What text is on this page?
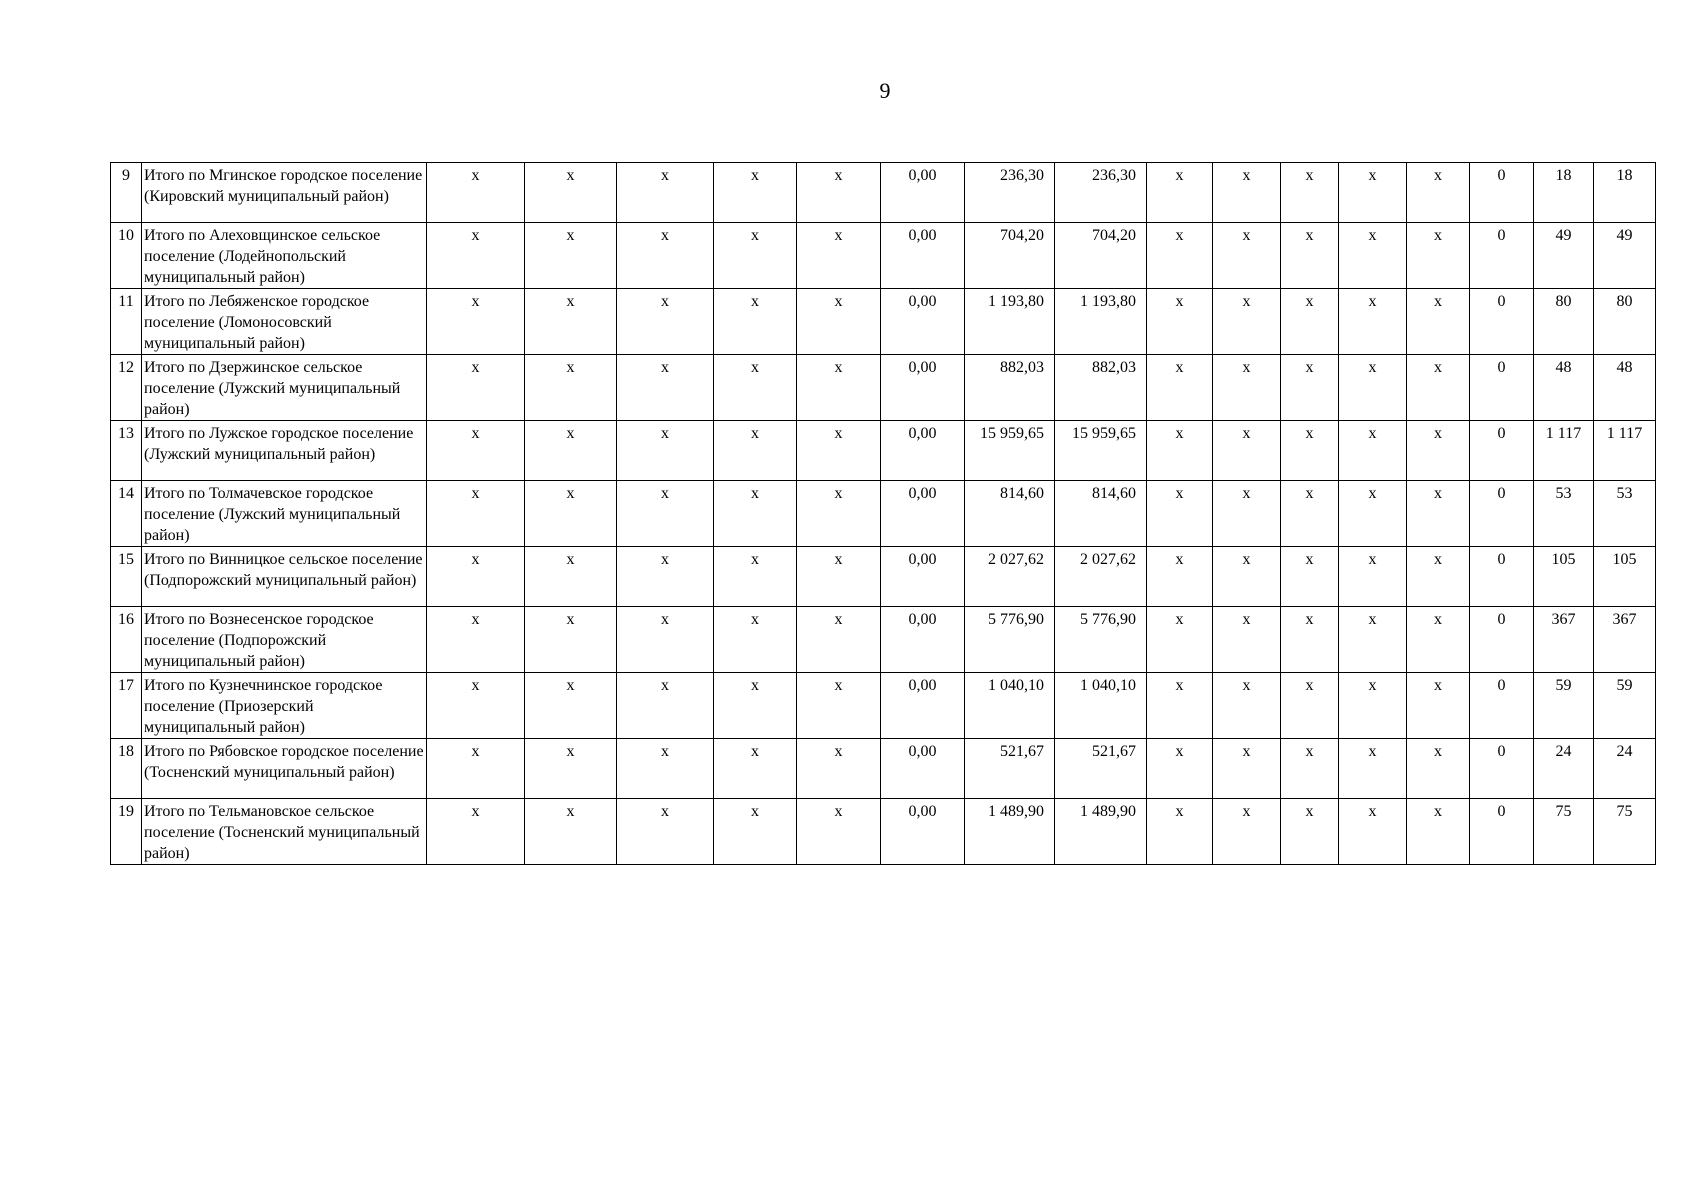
9
9	Итого по Мгинское городское поселение (Кировский муниципальный район)	х	х	х	х	х	0,00	236,30	236,30	х	х	х	х	х	0	18	18
10	Итого по Алеховщинское сельское поселение (Лодейнопольский муниципальный район)	х	х	х	х	х	0,00	704,20	704,20	х	х	х	х	х	0	49	49
11	Итого по Лебяженское городское поселение (Ломоносовский муниципальный район)	х	х	х	х	х	0,00	1 193,80	1 193,80	х	х	х	х	х	0	80	80
12	Итого по Дзержинское сельское поселение (Лужский муниципальный район)	х	х	х	х	х	0,00	882,03	882,03	х	х	х	х	х	0	48	48
13	Итого по Лужское городское поселение (Лужский муниципальный район)	х	х	х	х	х	0,00	15 959,65	15 959,65	х	х	х	х	х	0	1 117	1 117
14	Итого по Толмачевское городское поселение (Лужский муниципальный район)	х	х	х	х	х	0,00	814,60	814,60	х	х	х	х	х	0	53	53
15	Итого по Винницкое сельское поселение (Подпорожский муниципальный район)	х	х	х	х	х	0,00	2 027,62	2 027,62	х	х	х	х	х	0	105	105
16	Итого по Вознесенское городское поселение (Подпорожский муниципальный район)	х	х	х	х	х	0,00	5 776,90	5 776,90	х	х	х	х	х	0	367	367
17	Итого по Кузнечнинское городское поселение (Приозерский муниципальный район)	х	х	х	х	х	0,00	1 040,10	1 040,10	х	х	х	х	х	0	59	59
18	Итого по Рябовское городское поселение (Тосненский муниципальный район)	х	х	х	х	х	0,00	521,67	521,67	х	х	х	х	х	0	24	24
19	Итого по Тельмановское сельское поселение (Тосненский муниципальный район)	х	х	х	х	х	0,00	1 489,90	1 489,90	х	х	х	х	х	0	75	75
